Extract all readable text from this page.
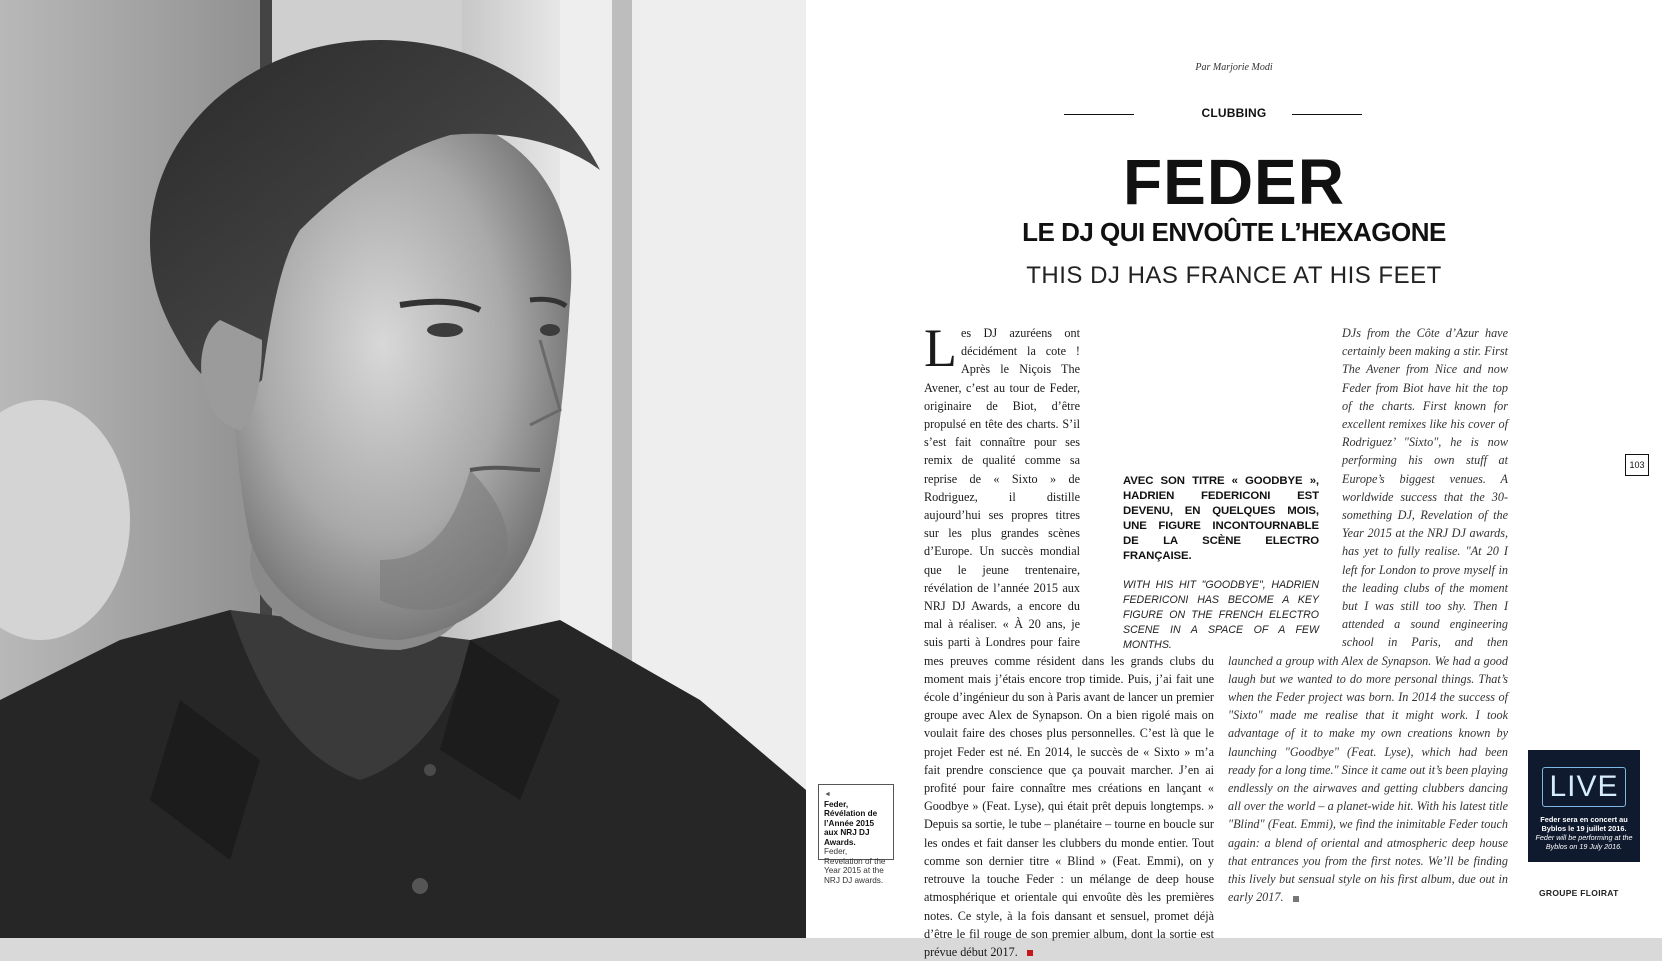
Par Marjorie Modi
CLUBBING
FEDER
LE DJ QUI ENVOÛTE L’HEXAGONE
THIS DJ HAS FRANCE AT HIS FEET
L es DJ azuréens ont décidément la cote ! Après le Niçois The Avener, c’est au tour de Feder, originaire de Biot, d’être propulsé en tête des charts. S’il s’est fait connaître pour ses remix de qualité comme sa reprise de « Sixto » de Rodriguez, il distille aujourd’hui ses propres titres sur les plus grandes scènes d’Europe. Un succès mondial que le jeune trentenaire, révélation de l’année 2015 aux NRJ DJ Awards, a encore du mal à réaliser. « À 20 ans, je suis parti à Londres pour faire mes preuves comme résident dans les grands clubs du moment mais j’étais encore trop timide. Puis, j’ai fait une école d’ingénieur du son à Paris avant de lancer un premier groupe avec Alex de Synapson. On a bien rigolé mais on voulait faire des choses plus personnelles. C’est là que le projet Feder est né. En 2014, le succès de « Sixto » m’a fait prendre conscience que ça pouvait marcher. J’en ai profité pour faire connaître mes créations en lançant « Goodbye » (Feat. Lyse), qui était prêt depuis longtemps. » Depuis sa sortie, le tube – planétaire – tourne en boucle sur les ondes et fait danser les clubbers du monde entier. Tout comme son dernier titre « Blind » (Feat. Emmi), on y retrouve la touche Feder : un mélange de deep house atmosphérique et orientale qui envoûte dès les premières notes. Ce style, à la fois dansant et sensuel, promet déjà d’être le fil rouge de son premier album, dont la sortie est prévue début 2017.
DJs from the Côte d’Azur have certainly been making a stir. First The Avener from Nice and now Feder from Biot have hit the top of the charts. First known for excellent remixes like his cover of Rodriguez’ "Sixto", he is now performing his own stuff at Europe’s biggest venues. A worldwide success that the 30-something DJ, Revelation of the Year 2015 at the NRJ DJ awards, has yet to fully realise. "At 20 I left for London to prove myself in the leading clubs of the moment but I was still too shy. Then I attended a sound engineering school in Paris, and then launched a group with Alex de Synapson. We had a good laugh but we wanted to do more personal things. That’s when the Feder project was born. In 2014 the success of "Sixto" made me realise that it might work. I took advantage of it to make my own creations known by launching "Goodbye" (Feat. Lyse), which had been ready for a long time." Since it came out it’s been playing endlessly on the airwaves and getting clubbers dancing all over the world – a planet-wide hit. With his latest title "Blind" (Feat. Emmi), we find the inimitable Feder touch again: a blend of oriental and atmospheric deep house that entrances you from the first notes. We’ll be finding this lively but sensual style on his first album, due out in early 2017.
AVEC SON TITRE « GOODBYE », HADRIEN FEDERICONI EST DEVENU, EN QUELQUES MOIS, UNE FIGURE INCONTOURNABLE DE LA SCÈNE ELECTRO FRANÇAISE.
WITH HIS HIT "GOODBYE", HADRIEN FEDERICONI HAS BECOME A KEY FIGURE ON THE FRENCH ELECTRO SCENE IN A SPACE OF A FEW MONTHS.
103
LIVE
Feder sera en concert au Byblos le 19 juillet 2016.
Feder will be performing at the Byblos on 19 July 2016.
GROUPE FLOIRAT
◄
Feder, Révélation de l’Année 2015 aux NRJ DJ Awards.
Feder, Revelation of the Year 2015 at the NRJ DJ awards.
